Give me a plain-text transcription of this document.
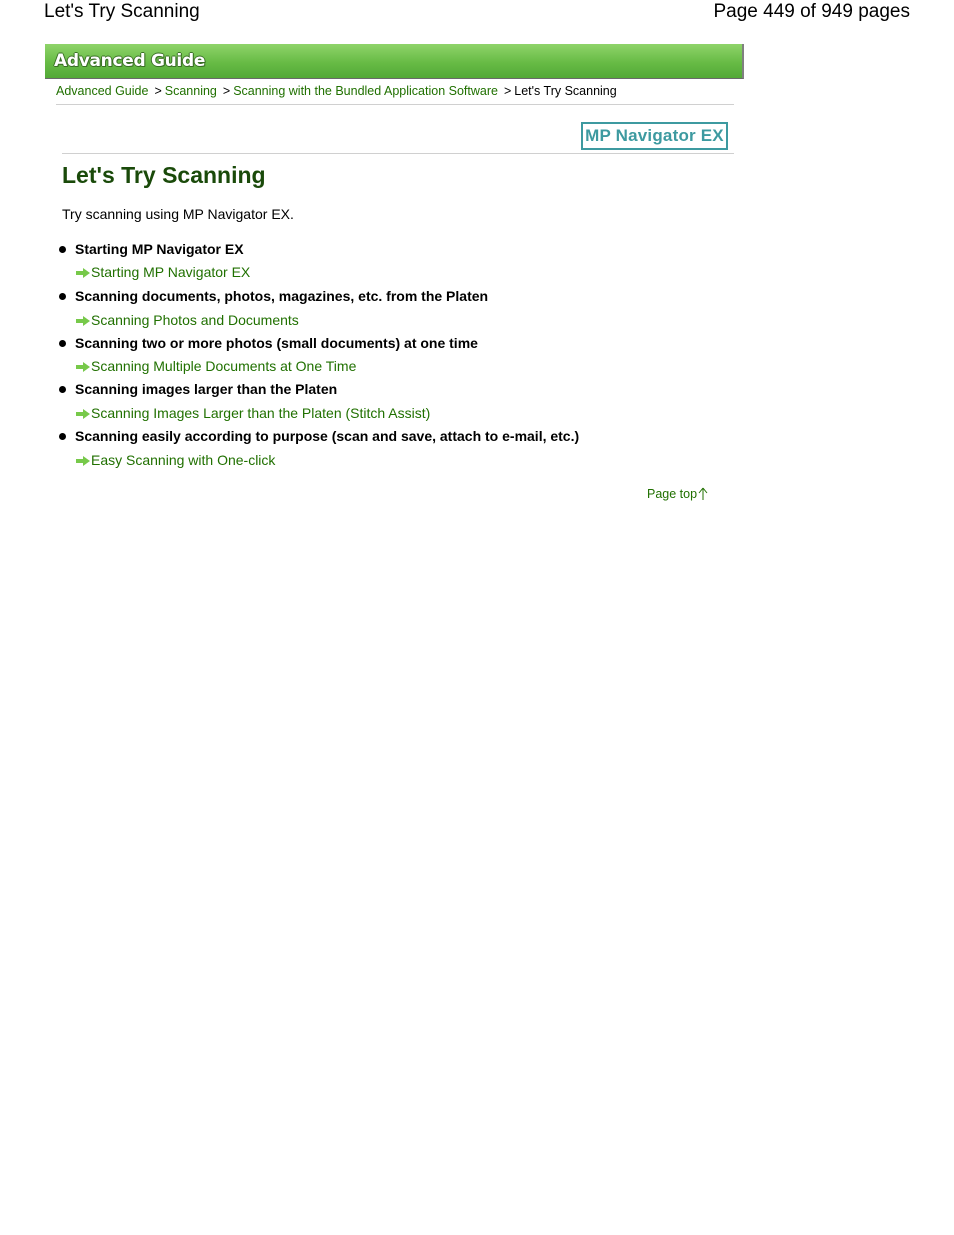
Let's Try Scanning	Page 449 of 949 pages
Advanced Guide
Advanced Guide > Scanning > Scanning with the Bundled Application Software > Let's Try Scanning
MP Navigator EX
Let's Try Scanning
Try scanning using MP Navigator EX.
Starting MP Navigator EX
Starting MP Navigator EX
Scanning documents, photos, magazines, etc. from the Platen
Scanning Photos and Documents
Scanning two or more photos (small documents) at one time
Scanning Multiple Documents at One Time
Scanning images larger than the Platen
Scanning Images Larger than the Platen (Stitch Assist)
Scanning easily according to purpose (scan and save, attach to e-mail, etc.)
Easy Scanning with One-click
Page top
